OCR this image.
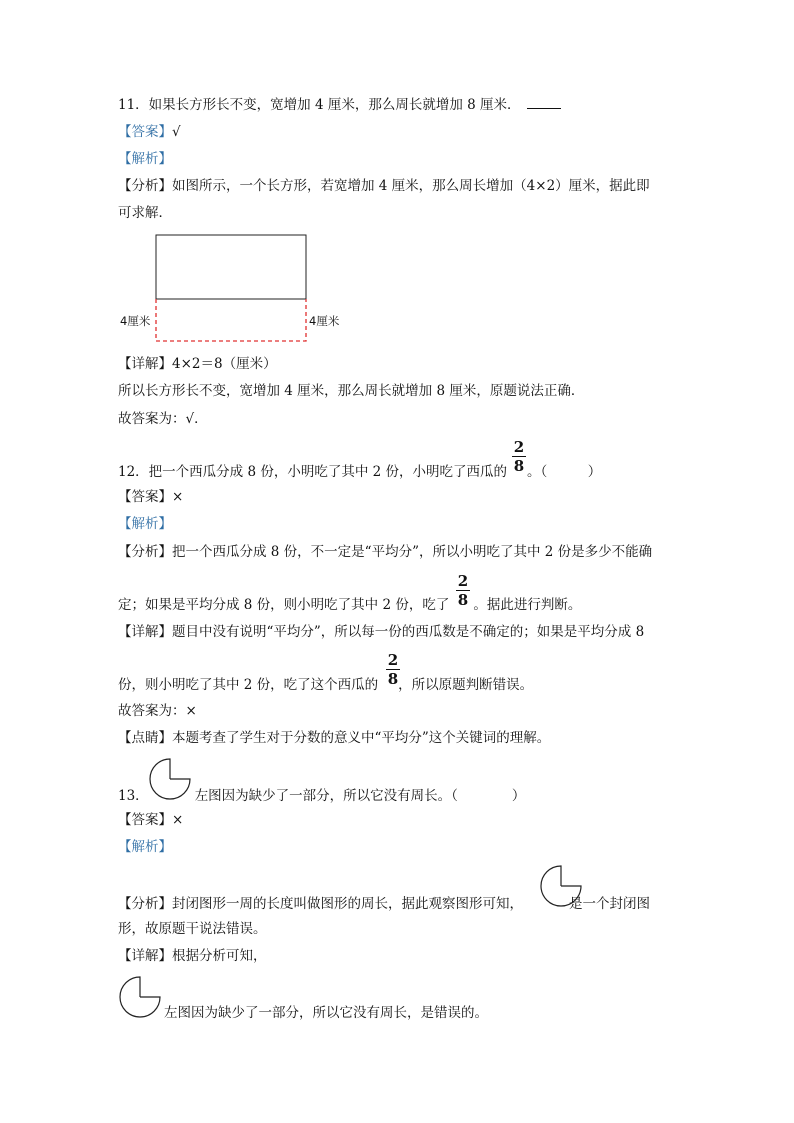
11．如果长方形长不变，宽增加 4 厘米，那么周长就增加 8 厘米．
【答案】√
【解析】
【分析】如图所示，一个长方形，若宽增加 4 厘米，那么周长增加（4×2）厘米，据此即
可求解．
4厘米	4厘米
【详解】4×2＝8（厘米）
所以长方形长不变，宽增加 4 厘米，那么周长就增加 8 厘米，原题说法正确．
故答案为：√．
$\frac{2}{8}$
12．把一个西瓜分成 8 份，小明吃了其中 2 份，小明吃了西瓜的 。（　　　）
【答案】×
【解析】
【分析】把一个西瓜分成 8 份，不一定是“平均分”，所以小明吃了其中 2 份是多少不能确
$\frac{2}{8}$
定；如果是平均分成 8 份，则小明吃了其中 2 份，吃了 。据此进行判断。
【详解】题目中没有说明“平均分”，所以每一份的西瓜数是不确定的；如果是平均分成 8
$\frac{2}{8}$
份，则小明吃了其中 2 份，吃了这个西瓜的 ，所以原题判断错误。
故答案为：×
【点睛】本题考查了学生对于分数的意义中“平均分”这个关键词的理解。
13．	左图因为缺少了一部分，所以它没有周长。（　　　　）
【答案】×
【解析】
【分析】封闭图形一周的长度叫做图形的周长，据此观察图形可知，	是一个封闭图
形，故原题干说法错误。
【详解】根据分析可知，
左图因为缺少了一部分，所以它没有周长，是错误的。
